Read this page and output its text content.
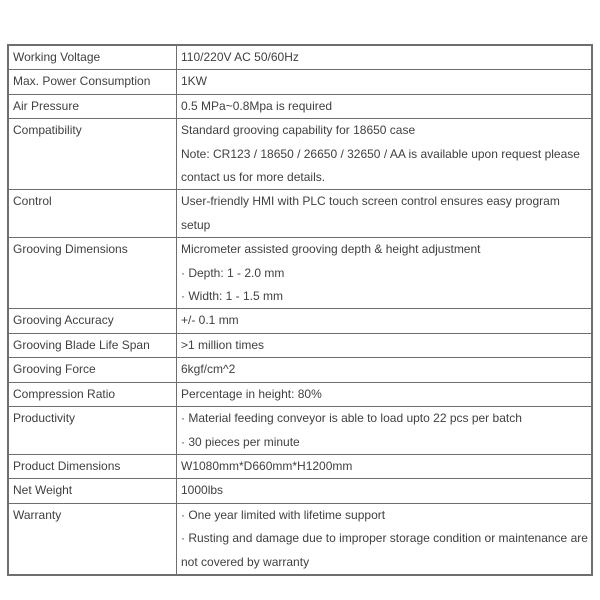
Working Voltage	110/220V AC 50/60Hz
Max. Power Consumption	1KW
Air Pressure	0.5 MPa~0.8Mpa is required
Compatibility	Standard grooving capability for 18650 case
Note: CR123 / 18650 / 26650 / 32650 / AA is available upon request please contact us for more details.
Control	User-friendly HMI with PLC touch screen control ensures easy program setup
Grooving Dimensions	Micrometer assisted grooving depth & height adjustment
· Depth: 1 - 2.0 mm
· Width: 1 - 1.5 mm
Grooving Accuracy	+/- 0.1 mm
Grooving Blade Life Span	>1 million times
Grooving Force	6kgf/cm^2
Compression Ratio	Percentage in height: 80%
Productivity	· Material feeding conveyor is able to load upto 22 pcs per batch
· 30 pieces per minute
Product Dimensions	W1080mm*D660mm*H1200mm
Net Weight	1000lbs
Warranty	· One year limited with lifetime support
· Rusting and damage due to improper storage condition or maintenance are not covered by warranty
